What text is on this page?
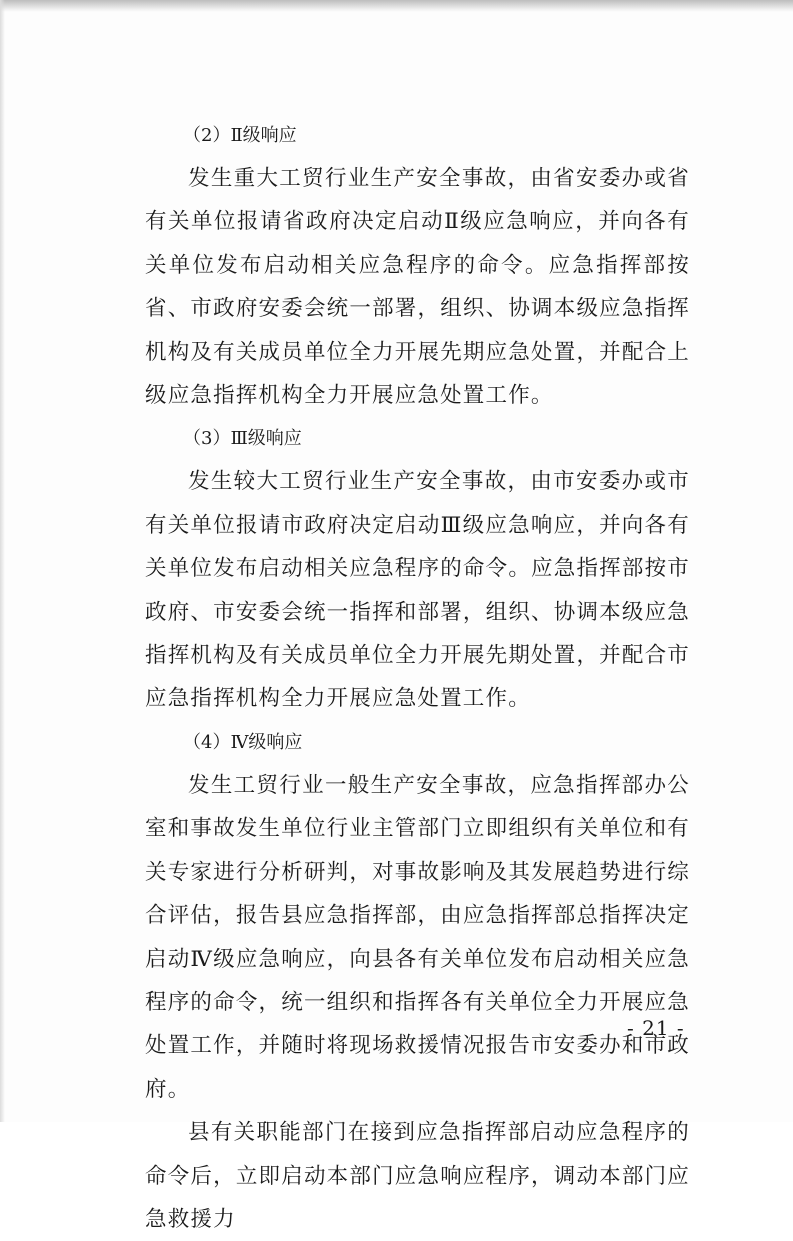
（2）Ⅱ级响应

发生重大工贸行业生产安全事故，由省安委办或省有关单位报请省政府决定启动Ⅱ级应急响应，并向各有关单位发布启动相关应急程序的命令。应急指挥部按省、市政府安委会统一部署，组织、协调本级应急指挥机构及有关成员单位全力开展先期应急处置，并配合上级应急指挥机构全力开展应急处置工作。

（3）Ⅲ级响应

发生较大工贸行业生产安全事故，由市安委办或市有关单位报请市政府决定启动Ⅲ级应急响应，并向各有关单位发布启动相关应急程序的命令。应急指挥部按市政府、市安委会统一指挥和部署，组织、协调本级应急指挥机构及有关成员单位全力开展先期处置，并配合市应急指挥机构全力开展应急处置工作。

（4）Ⅳ级响应

发生工贸行业一般生产安全事故，应急指挥部办公室和事故发生单位行业主管部门立即组织有关单位和有关专家进行分析研判，对事故影响及其发展趋势进行综合评估，报告县应急指挥部，由应急指挥部总指挥决定启动Ⅳ级应急响应，向县各有关单位发布启动相关应急程序的命令，统一组织和指挥各有关单位全力开展应急处置工作，并随时将现场救援情况报告市安委办和市政府。

县有关职能部门在接到应急指挥部启动应急程序的命令后，立即启动本部门应急响应程序，调动本部门应急救援力

- 21 -
